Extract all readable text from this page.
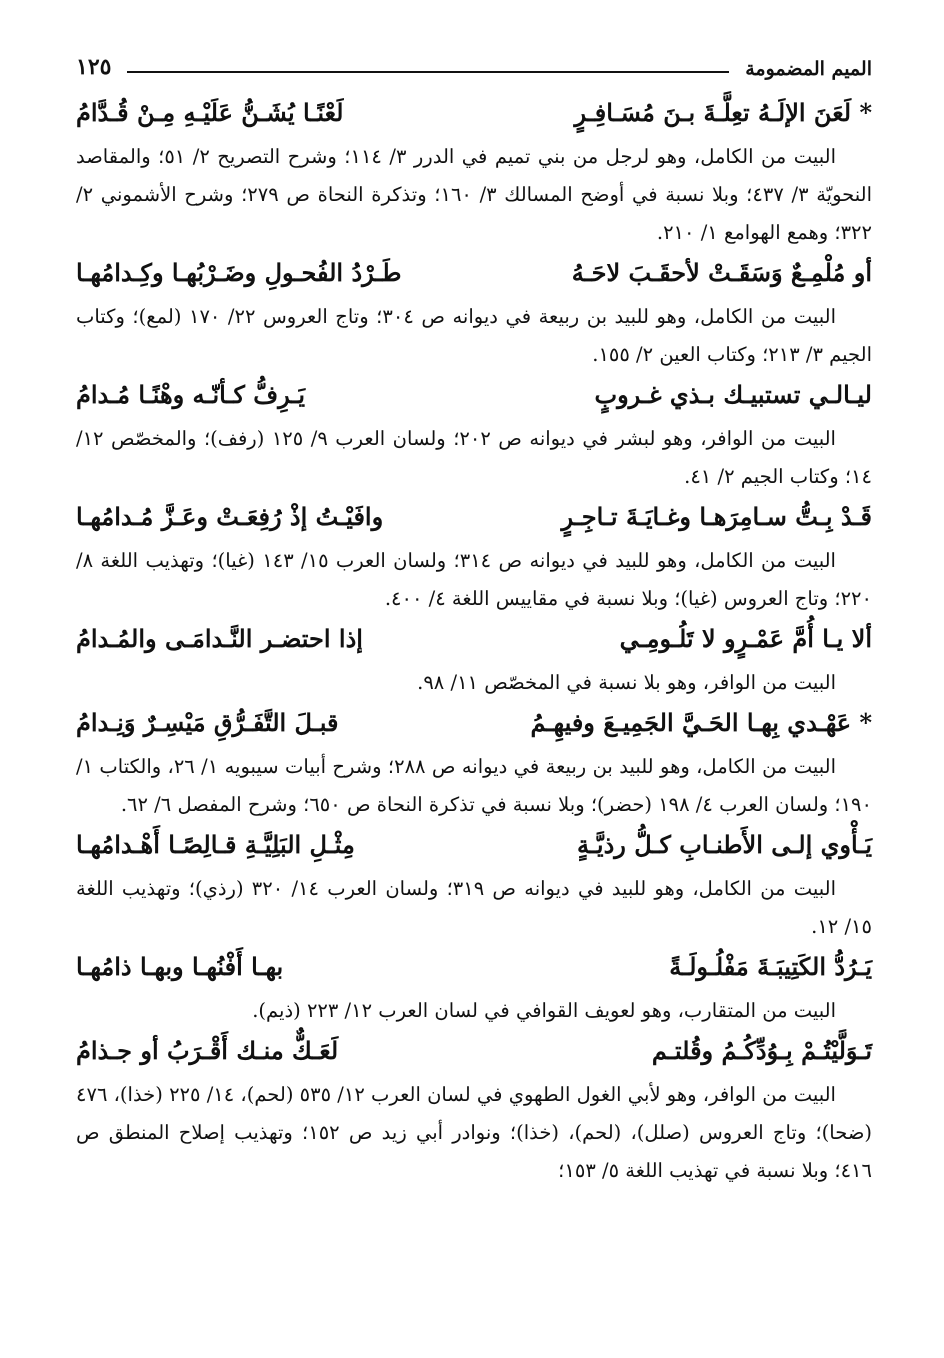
الميم المضمومة
١٢٥
* لَعَنَ الإلَـهُ تعِلَّـةَ بـنَ مُسَـافِـرٍ
لَعْنًـا يُشَـنُّ عَلَيْـهِ مِـنْ قُـدَّامُ

البيت من الكامل، وهو لرجل من بني تميم في الدرر ٣/ ١١٤؛ وشرح التصريح ٢/ ٥١؛ والمقاصد النحويّة ٣/ ٤٣٧؛ وبلا نسبة في أوضح المسالك ٣/ ١٦٠؛ وتذكرة النحاة ص ٢٧٩؛ وشرح الأشموني ٢/ ٣٢٢؛ وهمع الهوامع ١/ ٢١٠.

أو مُلْمِـعٌ وَسَقَـتْ لأحقَـبَ لاحَـهُ
طَـرْدُ الفُحـولِ وضَـرْبُهـا وكِـدامُهـا

البيت من الكامل، وهو للبيد بن ربيعة في ديوانه ص ٣٠٤؛ وتاج العروس ٢٢/ ١٧٠ (لمع)؛ وكتاب الجيم ٣/ ٢١٣؛ وكتاب العين ٢/ ١٥٥.

ليـالـي تستبيـك بـذي غـروبٍ
يَـرِفُّ كـأنّـه وهْنًـا مُـدامُ

البيت من الوافر، وهو لبشر في ديوانه ص ٢٠٢؛ ولسان العرب ٩/ ١٢٥ (رفف)؛ والمخصّص ١٢/ ١٤؛ وكتاب الجيم ٢/ ٤١.

قَـدْ بِـتُّ سـامِرَهـا وغـايَـةَ تـاجِـرٍ
وافَيْـتُ إذْ رُفِعَـتْ وعَـزَّ مُـدامُهـا

البيت من الكامل، وهو للبيد في ديوانه ص ٣١٤؛ ولسان العرب ١٥/ ١٤٣ (غيا)؛ وتهذيب اللغة ٨/ ٢٢٠؛ وتاج العروس (غيا)؛ وبلا نسبة في مقاييس اللغة ٤/ ٤٠٠.

ألا يـا أُمَّ عَمْـرٍو لا تَلُـومِـي
إذا احتضـر النَّـدامَـى والمُـدامُ

البيت من الوافر، وهو بلا نسبة في المخصّص ١١/ ٩٨.

* عَهْـدي بِهـا الحَـيَّ الجَمِيـعَ وفيهِـمُ
قبـلَ التَّفَـرُّقِ مَيْسِـرٌ وَنِـدامُ

البيت من الكامل، وهو للبيد بن ربيعة في ديوانه ص ٢٨٨؛ وشرح أبيات سيبويه ١/ ٢٦، والكتاب ١/ ١٩٠؛ ولسان العرب ٤/ ١٩٨ (حضر)؛ وبلا نسبة في تذكرة النحاة ص ٦٥٠؛ وشرح المفصل ٦/ ٦٢.

يَـأْوي إلـى الأَطنـابِ كـلُّ رذيَّـةٍ
مِثْـلِ البَلِيَّـةِ قـالِصًـا أَهْـدامُهـا

البيت من الكامل، وهو للبيد في ديوانه ص ٣١٩؛ ولسان العرب ١٤/ ٣٢٠ (رذي)؛ وتهذيب اللغة ١٥/ ١٢.

يَـرُدُّ الكَتِيبَـةَ مَفْلُـولَـةً
بهـا أَفْنُهـا وبهـا ذامُهـا

البيت من المتقارب، وهو لعويف القوافي في لسان العرب ١٢/ ٢٢٣ (ذيم).

تَـوَلَّيْتُـمْ بِـوُدِّكُـمُ وقُلتـم
لَعَـكٌّ منـك أَقْـرَبُ أو جـذامُ

البيت من الوافر، وهو لأبي الغول الطهوي في لسان العرب ١٢/ ٥٣٥ (لحم)، ١٤/ ٢٢٥ (خذا)، ٤٧٦ (ضحا)؛ وتاج العروس (صلل)، (لحم)، (خذا)؛ ونوادر أبي زيد ص ١٥٢؛ وتهذيب إصلاح المنطق ص ٤١٦؛ وبلا نسبة في تهذيب اللغة ٥/ ١٥٣؛
